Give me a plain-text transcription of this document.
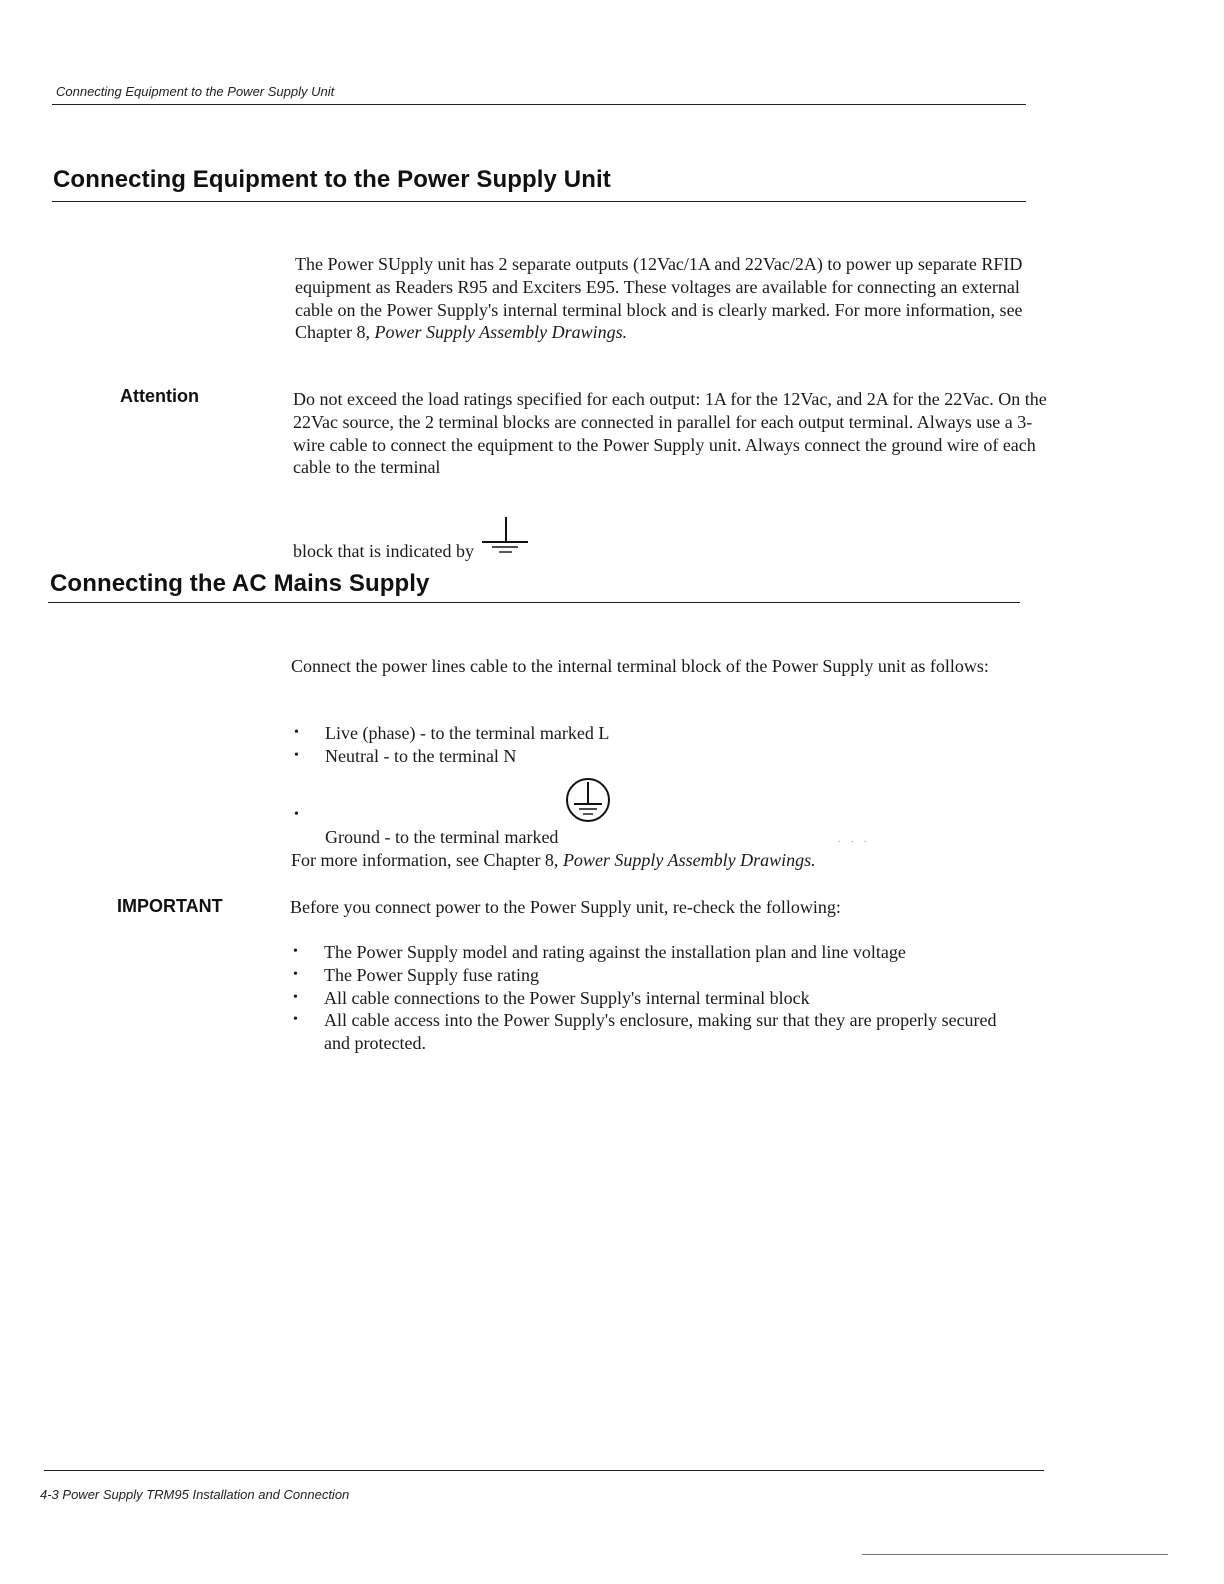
Connecting Equipment to the Power Supply Unit
Connecting Equipment to the Power Supply Unit

The Power SUpply unit has 2 separate outputs (12Vac/1A and 22Vac/2A) to power up separate RFID equipment as Readers R95 and Exciters E95. These voltages are available for connecting an external cable on the Power Supply's internal terminal block and is clearly marked. For more information, see Chapter 8, Power Supply Assembly Drawings.

Attention	Do not exceed the load ratings specified for each output: 1A for the 12Vac, and 2A for the 22Vac. On the 22Vac source, the 2 terminal blocks are connected in parallel for each output terminal. Always use a 3-wire cable to connect the equipment to the Power Supply unit. Always connect the ground wire of each cable to the terminal

block that is indicated by
Connecting the AC Mains Supply

Connect the power lines cable to the internal terminal block of the Power Supply unit as follows:

• Live (phase) - to the terminal marked L
• Neutral - to the terminal N
•
Ground - to the terminal marked	. . .

For more information, see Chapter 8, Power Supply Assembly Drawings.

IMPORTANT	Before you connect power to the Power Supply unit, re-check the following:

• The Power Supply model and rating against the installation plan and line voltage
• The Power Supply fuse rating
• All cable connections to the Power Supply's internal terminal block
• All cable access into the Power Supply's enclosure, making sur that they are properly secured and protected.
4-3 Power Supply TRM95 Installation and Connection
